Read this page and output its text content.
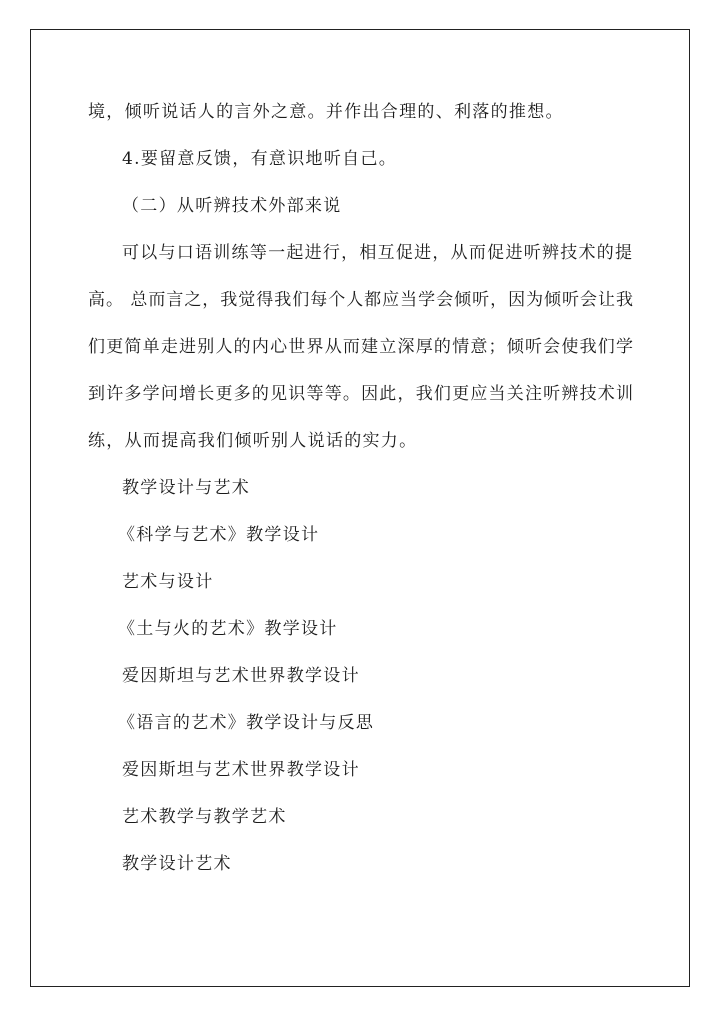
境，倾听说话人的言外之意。并作出合理的、利落的推想。
4.要留意反馈，有意识地听自己。
（二）从听辨技术外部来说
可以与口语训练等一起进行，相互促进，从而促进听辨技术的提
高。 总而言之，我觉得我们每个人都应当学会倾听，因为倾听会让我
们更简单走进别人的内心世界从而建立深厚的情意；倾听会使我们学
到许多学问增长更多的见识等等。因此，我们更应当关注听辨技术训
练，从而提高我们倾听别人说话的实力。
教学设计与艺术
《科学与艺术》教学设计
艺术与设计
《土与火的艺术》教学设计
爱因斯坦与艺术世界教学设计
《语言的艺术》教学设计与反思
爱因斯坦与艺术世界教学设计
艺术教学与教学艺术
教学设计艺术
